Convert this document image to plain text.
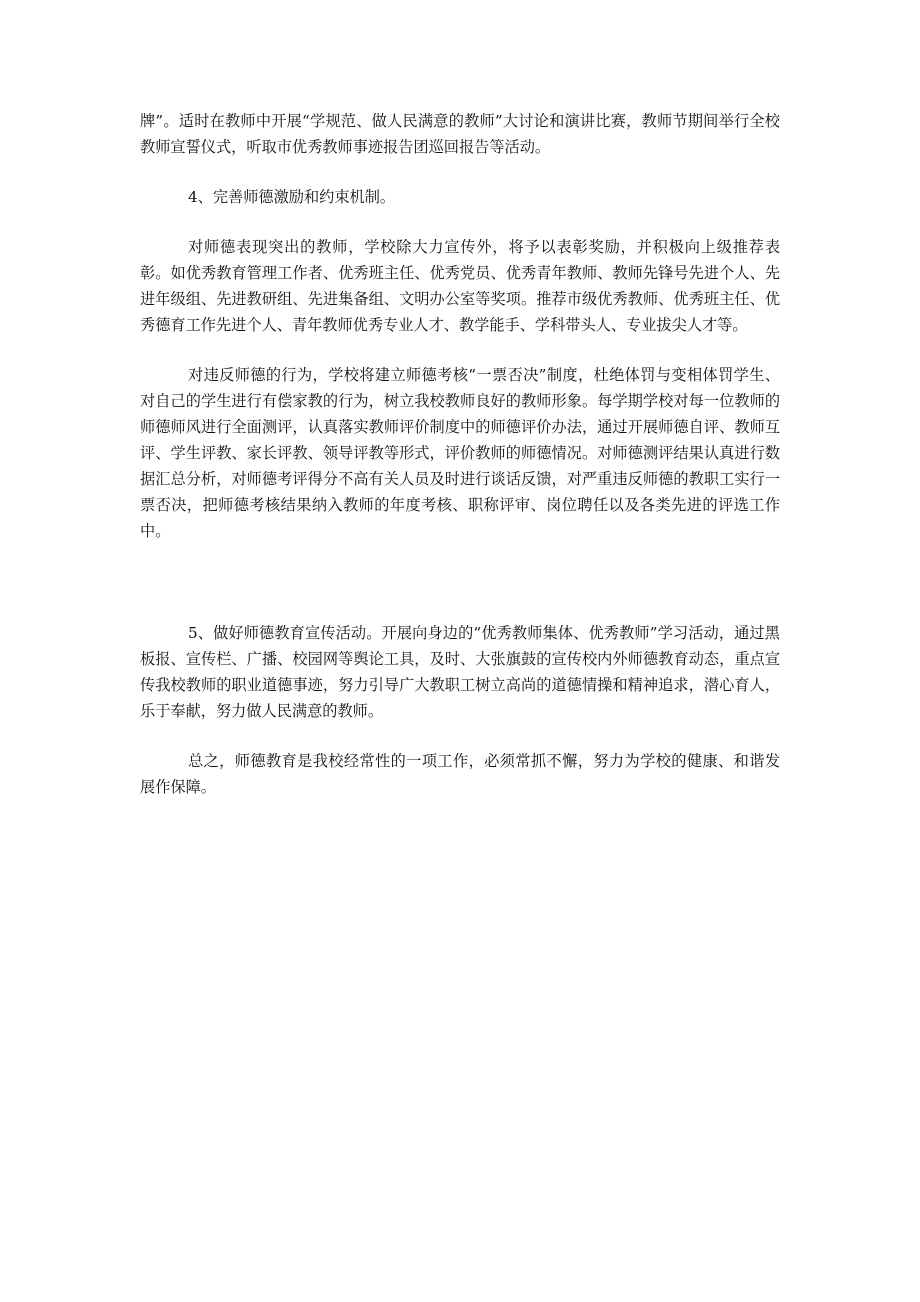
牌”。适时在教师中开展“学规范、做人民满意的教师”大讨论和演讲比赛，教师节期间举行全校教师宣誓仪式，听取市优秀教师事迹报告团巡回报告等活动。

4、完善师德激励和约束机制。

对师德表现突出的教师，学校除大力宣传外，将予以表彰奖励，并积极向上级推荐表彰。如优秀教育管理工作者、优秀班主任、优秀党员、优秀青年教师、教师先锋号先进个人、先进年级组、先进教研组、先进集备组、文明办公室等奖项。推荐市级优秀教师、优秀班主任、优秀德育工作先进个人、青年教师优秀专业人才、教学能手、学科带头人、专业拔尖人才等。

对违反师德的行为，学校将建立师德考核“一票否决”制度，杜绝体罚与变相体罚学生、对自己的学生进行有偿家教的行为，树立我校教师良好的教师形象。每学期学校对每一位教师的师德师风进行全面测评，认真落实教师评价制度中的师德评价办法，通过开展师德自评、教师互评、学生评教、家长评教、领导评教等形式，评价教师的师德情况。对师德测评结果认真进行数据汇总分析，对师德考评得分不高有关人员及时进行谈话反馈，对严重违反师德的教职工实行一票否决，把师德考核结果纳入教师的年度考核、职称评审、岗位聘任以及各类先进的评选工作中。

5、做好师德教育宣传活动。开展向身边的“优秀教师集体、优秀教师”学习活动，通过黑板报、宣传栏、广播、校园网等舆论工具，及时、大张旗鼓的宣传校内外师德教育动态，重点宣传我校教师的职业道德事迹，努力引导广大教职工树立高尚的道德情操和精神追求，潜心育人，乐于奉献，努力做人民满意的教师。

总之，师德教育是我校经常性的一项工作，必须常抓不懈，努力为学校的健康、和谐发展作保障。
